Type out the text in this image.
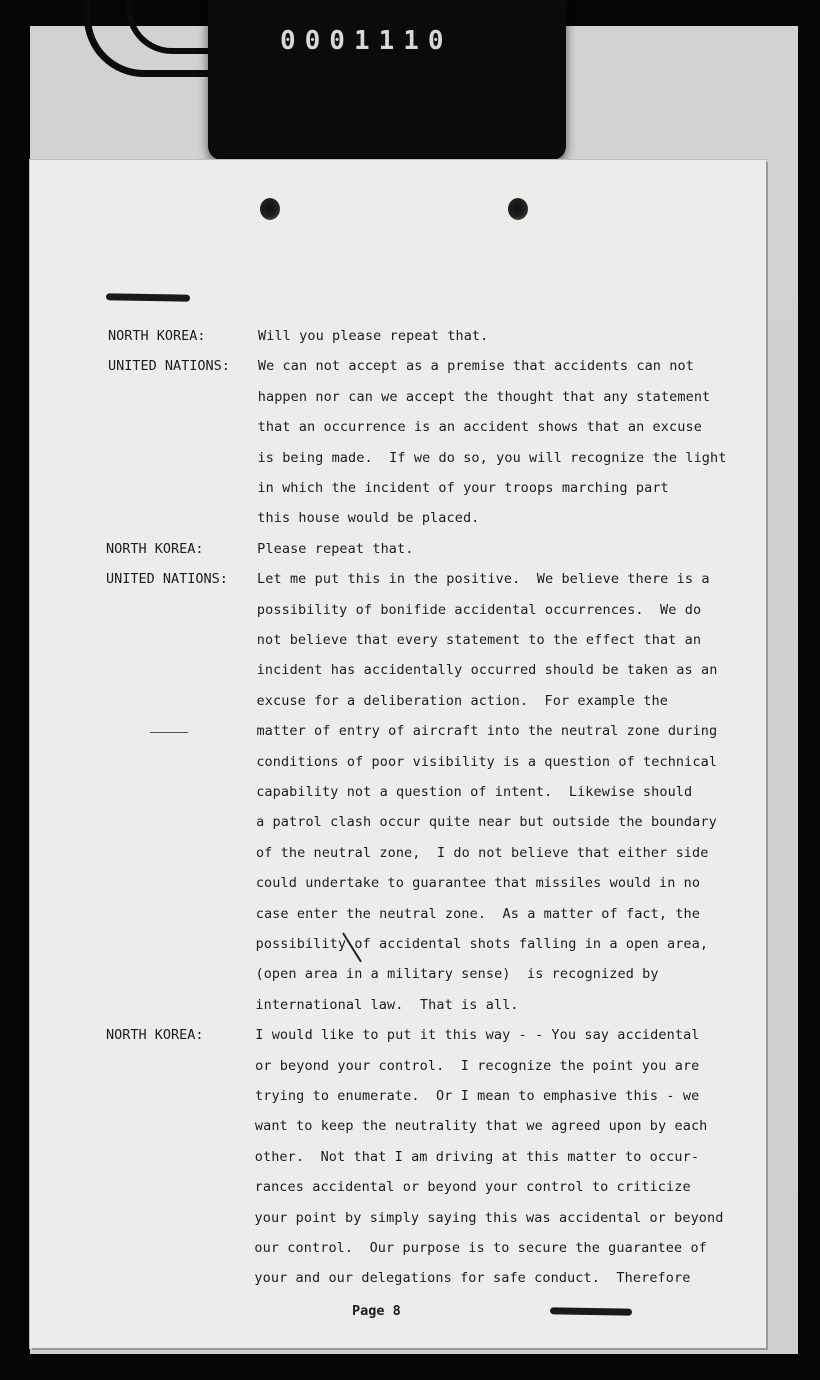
0001110
NORTH KOREA:	Will you please repeat that.
UNITED NATIONS: We can not accept as a premise that accidents can not
happen nor can we accept the thought that any statement
that an occurrence is an accident shows that an excuse
is being made.  If we do so, you will recognize the light
in which the incident of your troops marching part
this house would be placed.
NORTH KOREA:	Please repeat that.
UNITED NATIONS: Let me put this in the positive.  We believe there is a
possibility of bonifide accidental occurrences.  We do
not believe that every statement to the effect that an
incident has accidentally occurred should be taken as an
excuse for a deliberation action.  For example the
matter of entry of aircraft into the neutral zone during
conditions of poor visibility is a question of technical
capability not a question of intent.  Likewise should
a patrol clash occur quite near but outside the boundary
of the neutral zone,  I do not believe that either side
could undertake to guarantee that missiles would in no
case enter the neutral zone.  As a matter of fact, the
possibility of accidental shots falling in a open area,
(open area in a military sense)  is recognized by
international law.  That is all.
NORTH KOREA:	I would like to put it this way - - You say accidental
or beyond your control.  I recognize the point you are
trying to enumerate.  Or I mean to emphasive this - we
want to keep the neutrality that we agreed upon by each
other.  Not that I am driving at this matter to occur-
rances accidental or beyond your control to criticize
your point by simply saying this was accidental or beyond
our control.  Our purpose is to secure the guarantee of
your and our delegations for safe conduct.  Therefore
Page 8
